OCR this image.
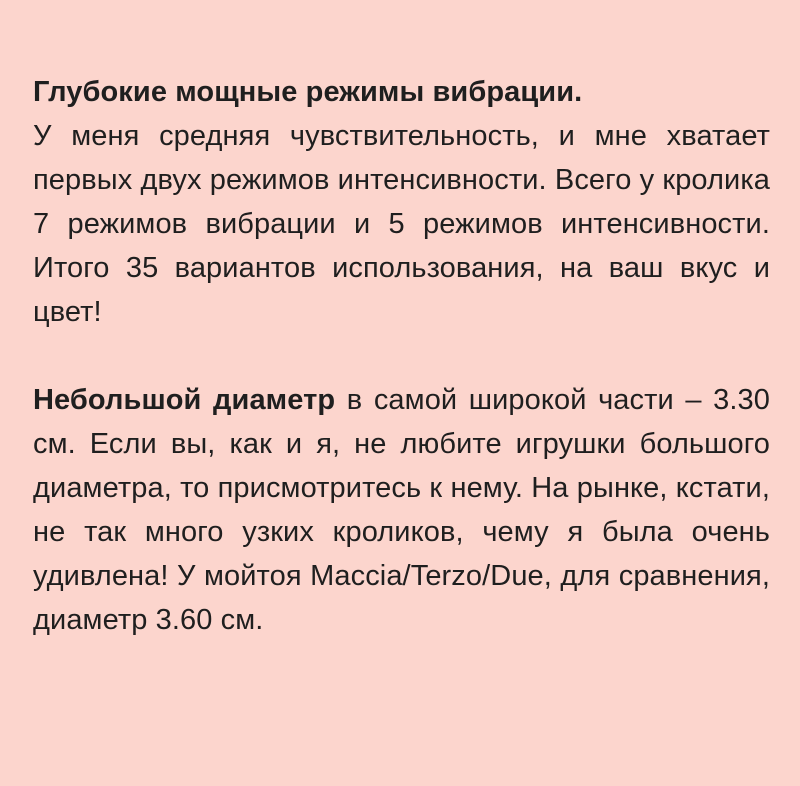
Глубокие мощные режимы вибрации.
У меня средняя чувствительность, и мне хватает первых двух режимов интенсивности. Всего у кролика 7 режимов вибрации и 5 режимов интенсивности. Итого 35 вариантов использования, на ваш вкус и цвет!

Небольшой диаметр в самой широкой части – 3.30 см. Если вы, как и я, не любите игрушки большого диаметра, то присмотритесь к нему. На рынке, кстати, не так много узких кроликов, чему я была очень удивлена! У мойтоя Maccia/Terzo/Due, для сравнения, диаметр 3.60 см.
